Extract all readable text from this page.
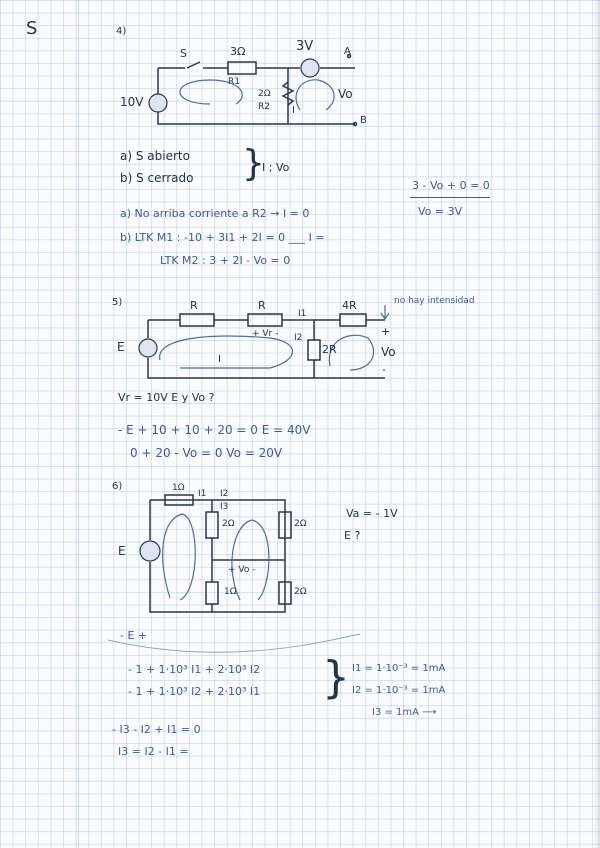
S	4)
S	3Ω
R1
2Ω
R2 I
10V
3V	A
B
Vo
a) S abierto
b) S cerrado }
I ; Vo
3 - Vo + 0 = 0
Vo = 3V
a) No arriba corriente a R2 → I = 0
b) LTK M1 : -10 + 3I1 + 2I = 0 ___ I =
LTK M2 : 3 + 2I - Vo = 0
5)	R	R	4R
2R
no hay intensidad
E
+ Vr -
I1
I2
I
Vo
+
-
Vr = 10V E y Vo ?
- E + 10 + 10 + 20 = 0 E = 40V
0 + 20 - Vo = 0 Vo = 20V
6)	1Ω
I1 I2
I3
2Ω	2Ω
1Ω	2Ω
+ Vo -
E
Va = - 1V
E ?
- E +
- 1 + 1·10³ I1 + 2·10³ I2
- 1 + 1·10³ I2 + 2·10³ I1 } I1 = 1·10⁻³ = 1mA
I2 = 1·10⁻³ = 1mA
I3 = 1mA ⟶
- I3 - I2 + I1 = 0
I3 = I2 - I1 =
